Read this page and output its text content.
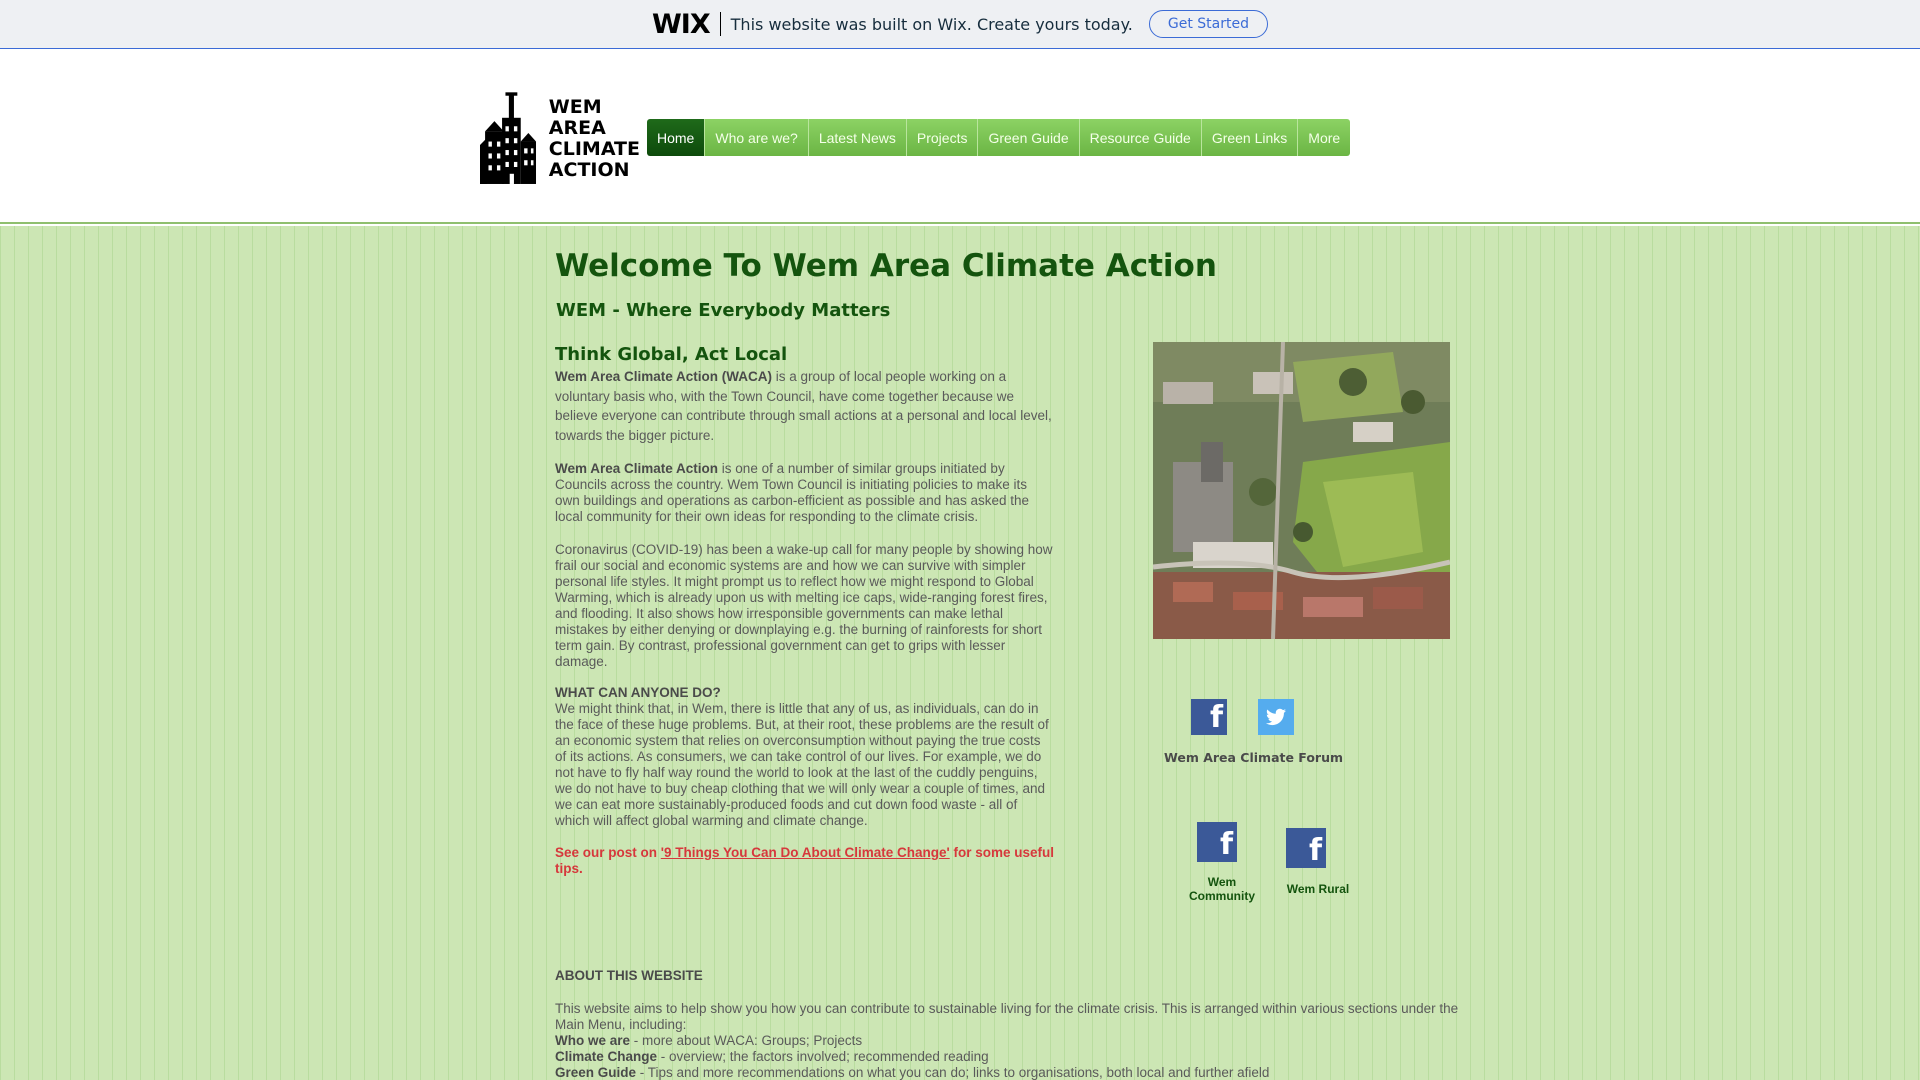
WIX This website was built on Wix. Create yours today.	Get Started
WEM
AREA
CLIMATE
ACTION
Home	Who are we?	Latest News	Projects	Green Guide	Resource Guide	Green Links	More
Welcome To Wem Area Climate Action
WEM - Where Everybody Matters
Think Global, Act Local

Wem Area Climate Action (WACA) is a group of local people working on a voluntary basis who, with the Town Council, have come together because we believe everyone can contribute through small actions at a personal and local level, towards the bigger picture.

Wem Area Climate Action is one of a number of similar groups initiated by Councils across the country. Wem Town Council is initiating policies to make its own buildings and operations as carbon-efficient as possible and has asked the local community for their own ideas for responding to the climate crisis.

Coronavirus (COVID-19) has been a wake-up call for many people by showing how frail our social and economic systems are and how we can survive with simpler personal life styles. It might prompt us to reflect how we might respond to Global Warming, which is already upon us with melting ice caps, wide-ranging forest fires, and flooding. It also shows how irresponsible governments can make lethal mistakes by either denying or downplaying e.g. the burning of rainforests for short term gain. By contrast, professional government can get to grips with lesser damage.

WHAT CAN ANYONE DO?
We might think that, in Wem, there is little that any of us, as individuals, can do in the face of these huge problems. But, at their root, these problems are the result of an economic system that relies on overconsumption without paying the true costs of its actions. As consumers, we can take control of our lives. For example, we do not have to fly half way round the world to look at the last of the cuddly penguins, we do not have to buy cheap clothing that we will only wear a couple of times, and we can eat more sustainably-produced foods and cut down food waste - all of which will affect global warming and climate change.

See our post on '9 Things You Can Do About Climate Change' for some useful tips.

f
Wem Area Climate Forum
f	f
Wem Community	Wem Rural
ABOUT THIS WEBSITE
This website aims to help show you how you can contribute to sustainable living for the climate crisis. This is arranged within various sections under the Main Menu, including:
Who we are - more about WACA: Groups; Projects
Climate Change - overview; the factors involved; recommended reading
Green Guide - Tips and more recommendations on what you can do; links to organisations, both local and further afield
